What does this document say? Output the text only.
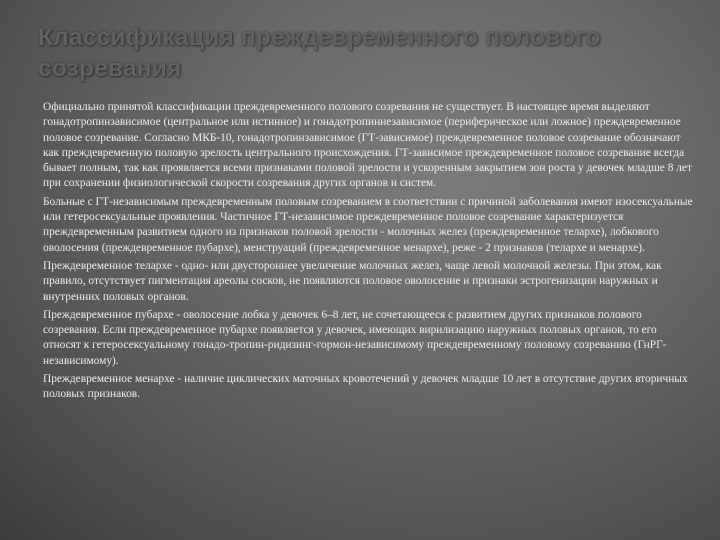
Классификация преждевременного полового созревания

Официально принятой классификации преждевременного полового созревания не существует. В настоящее время выделяют гонадотропинзависимое (центральное или истинное) и гонадотропиннезависимое (периферическое или ложное) преждевременное половое созревание. Согласно МКБ-10, гонадотропинзависимое (ГТ-зависимое) преждевременное половое созревание обозначают как преждевременную половую зрелость центрального происхождения. ГТ-зависимое преждевременное половое созревание всегда бывает полным, так как проявляется всеми признаками половой зрелости и ускоренным закрытием зон роста у девочек младше 8 лет при сохранении физиологической скорости созревания других органов и систем.

Больные с ГТ-независимым преждевременным половым созреванием в соответствии с причиной заболевания имеют изосексуальные или гетеросексуальные проявления. Частичное ГТ-независимое преждевременное половое созревание характеризуется преждевременным развитием одного из признаков половой зрелости - молочных желез (преждевременное телархе), лобкового оволосения (преждевременное пубархе), менструаций (преждевременное менархе), реже - 2 признаков (телархе и менархе).

Преждевременное телархе - одно- или двустороннее увеличение молочных желез, чаще левой молочной железы. При этом, как правило, отсутствует пигментация ареолы сосков, не появляются половое оволосение и признаки эстрогенизации наружных и внутренних половых органов.

Преждевременное пубархе - оволосение лобка у девочек 6–8 лет, не сочетающееся с развитием других признаков полового созревания. Если преждевременное пубархе появляется у девочек, имеющих вирилизацию наружных половых органов, то его относят к гетеросексуальному гонадо-тропин-ридизинг-гормон-независимому преждевременному половому созреванию (ГнРГ-независимому).

Преждевременное менархе - наличие циклических маточных кровотечений у девочек младше 10 лет в отсутствие других вторичных половых признаков.
